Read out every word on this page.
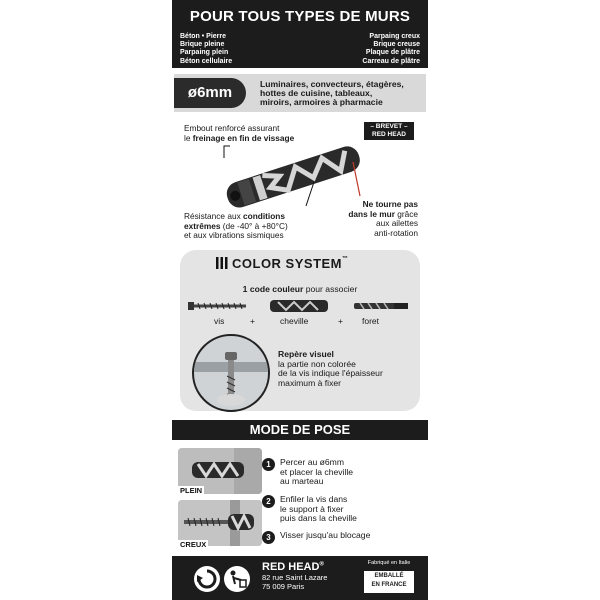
POUR TOUS TYPES DE MURS
Béton • Pierre
Brique pleine
Parpaing plein
Béton cellulaire
Parpaing creux
Brique creuse
Plaque de plâtre
Carreau de plâtre
ø6mm	Luminaires, convecteurs, étagères,
hottes de cuisine, tableaux,
miroirs, armoires à pharmacie
Embout renforcé assurant
le freinage en fin de vissage
– BREVET –
RED HEAD
Ne tourne pas
dans le mur grâce
aux ailettes
anti-rotation
Résistance aux conditions
extrêmes (de -40° à +80°C)
et aux vibrations sismiques
COLOR SYSTEM™
1 code couleur pour associer
vis	+	cheville	+ foret
Repère visuel
la partie non colorée
de la vis indique l'épaisseur
maximum à fixer
MODE DE POSE
PLEIN
CREUX
1	Percer au ø6mm
et placer la cheville
au marteau
2	Enfiler la vis dans
le support à fixer
puis dans la cheville
3	Visser jusqu'au blocage
RED HEAD®
82 rue Saint Lazare
75 009 Paris
Fabriqué en Italie
EMBALLÉ
EN FRANCE
